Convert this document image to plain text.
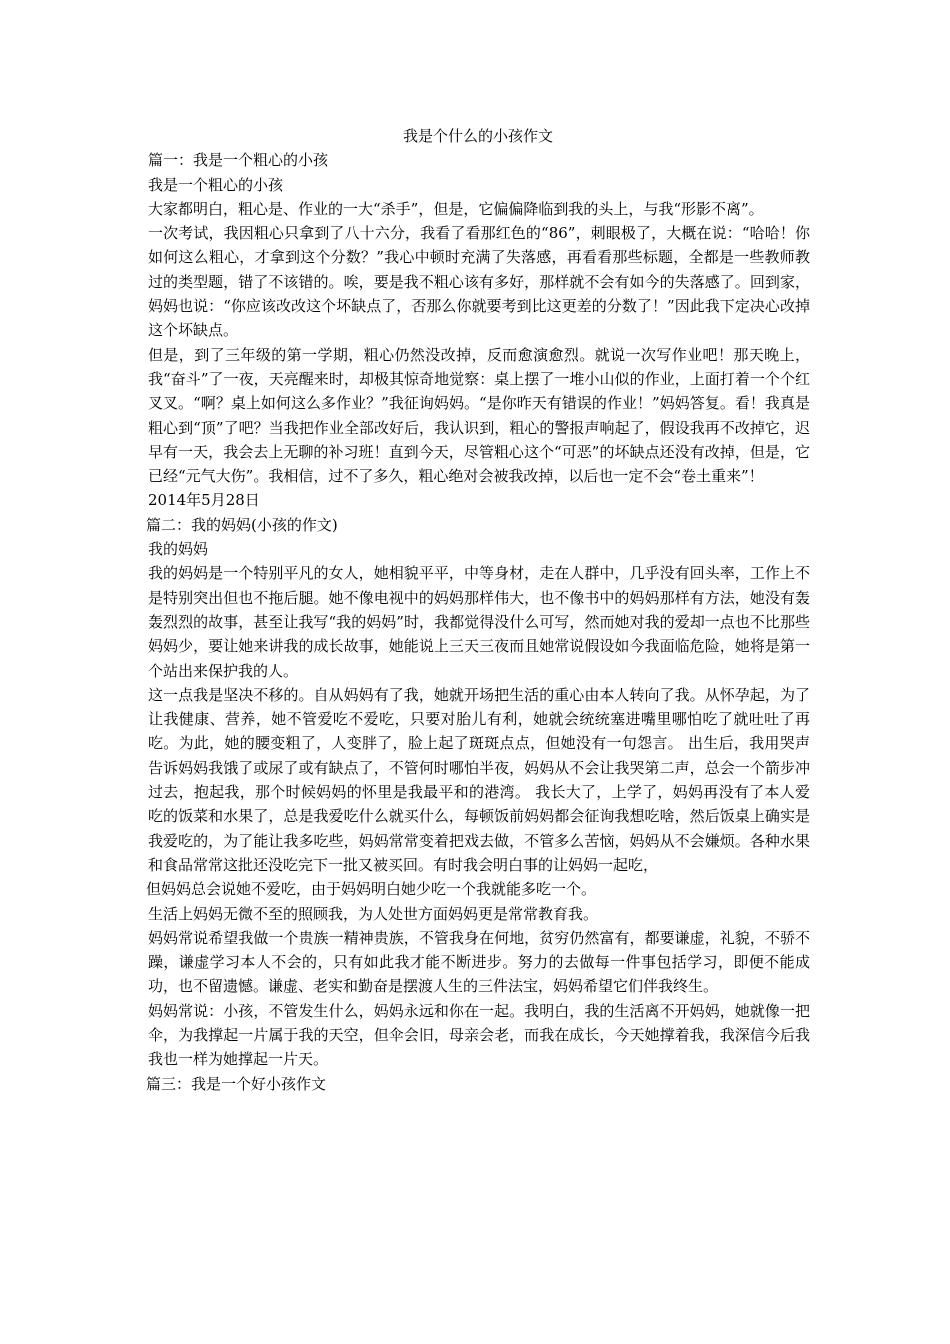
我是个什么的小孩作文
篇一：我是一个粗心的小孩
我是一个粗心的小孩
大家都明白，粗心是、作业的一大“杀手”，但是，它偏偏降临到我的头上，与我“形影不离”。
一次考试，我因粗心只拿到了八十六分，我看了看那红色的“86”，刺眼极了，大概在说：“哈哈！你如何这么粗心，才拿到这个分数？”我心中顿时充满了失落感，再看看那些标题，全都是一些教师教过的类型题，错了不该错的。唉，要是我不粗心该有多好，那样就不会有如今的失落感了。回到家，妈妈也说：“你应该改改这个坏缺点了，否那么你就要考到比这更差的分数了！”因此我下定决心改掉这个坏缺点。
但是，到了三年级的第一学期，粗心仍然没改掉，反而愈演愈烈。就说一次写作业吧！那天晚上，我“奋斗”了一夜，天亮醒来时，却极其惊奇地觉察：桌上摆了一堆小山似的作业，上面打着一个个红叉叉。“啊？桌上如何这么多作业？”我征询妈妈。“是你昨天有错误的作业！”妈妈答复。看！我真是粗心到“顶”了吧？当我把作业全部改好后，我认识到，粗心的警报声响起了，假设我再不改掉它，迟早有一天，我会去上无聊的补习班！直到今天，尽管粗心这个“可恶”的坏缺点还没有改掉，但是，它已经“元气大伤”。我相信，过不了多久，粗心绝对会被我改掉，以后也一定不会“卷土重来”！
2014年5月28日
篇二：我的妈妈(小孩的作文)
我的妈妈
我的妈妈是一个特别平凡的女人，她相貌平平，中等身材，走在人群中，几乎没有回头率，工作上不是特别突出但也不拖后腿。她不像电视中的妈妈那样伟大，也不像书中的妈妈那样有方法，她没有轰轰烈烈的故事，甚至让我写“我的妈妈”时，我都觉得没什么可写，然而她对我的爱却一点也不比那些妈妈少，要让她来讲我的成长故事，她能说上三天三夜而且她常说假设如今我面临危险，她将是第一个站出来保护我的人。
这一点我是坚决不移的。自从妈妈有了我，她就开场把生活的重心由本人转向了我。从怀孕起，为了让我健康、营养，她不管爱吃不爱吃，只要对胎儿有利，她就会统统塞进嘴里哪怕吃了就吐吐了再吃。为此，她的腰变粗了，人变胖了，脸上起了斑斑点点，但她没有一句怨言。 出生后，我用哭声告诉妈妈我饿了或尿了或有缺点了，不管何时哪怕半夜，妈妈从不会让我哭第二声，总会一个箭步冲过去，抱起我，那个时候妈妈的怀里是我最平和的港湾。 我长大了，上学了，妈妈再没有了本人爱吃的饭菜和水果了，总是我爱吃什么就买什么，每顿饭前妈妈都会征询我想吃啥，然后饭桌上确实是我爱吃的，为了能让我多吃些，妈妈常常变着把戏去做，不管多么苦恼，妈妈从不会嫌烦。各种水果和食品常常这批还没吃完下一批又被买回。有时我会明白事的让妈妈一起吃，
但妈妈总会说她不爱吃，由于妈妈明白她少吃一个我就能多吃一个。
生活上妈妈无微不至的照顾我，为人处世方面妈妈更是常常教育我。
妈妈常说希望我做一个贵族一精神贵族，不管我身在何地，贫穷仍然富有，都要谦虚，礼貌，不骄不躁，谦虚学习本人不会的，只有如此我才能不断进步。努力的去做每一件事包括学习，即便不能成功，也不留遗憾。谦虚、老实和勤奋是摆渡人生的三件法宝，妈妈希望它们伴我终生。
妈妈常说：小孩，不管发生什么，妈妈永远和你在一起。我明白，我的生活离不开妈妈，她就像一把伞，为我撑起一片属于我的天空，但伞会旧，母亲会老，而我在成长，今天她撑着我，我深信今后我我也一样为她撑起一片天。
篇三：我是一个好小孩作文
